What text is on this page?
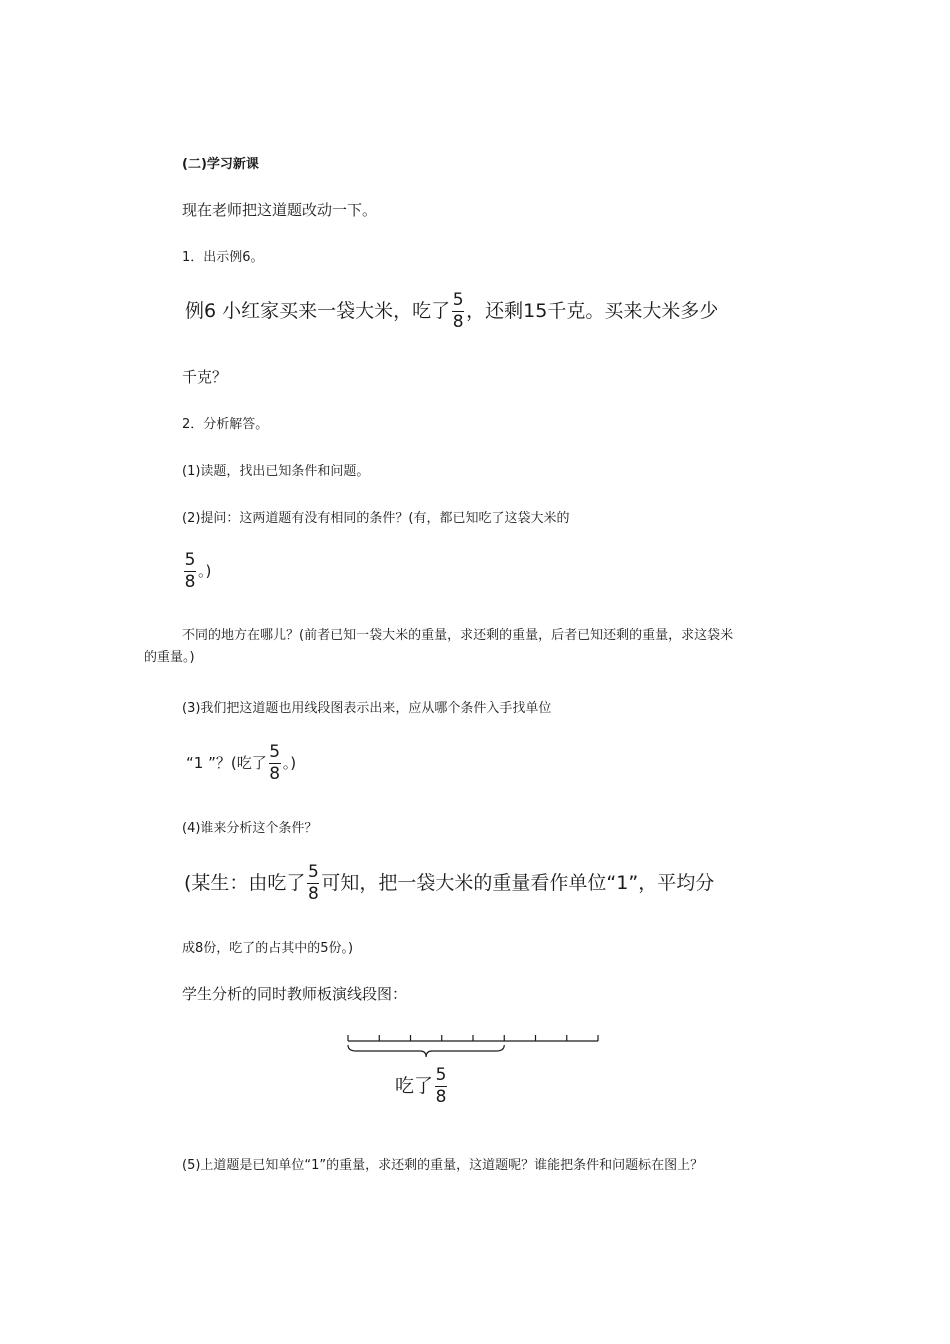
(二)学习新课
现在老师把这道题改动一下。
1．出示例6。
例6 小红家买来一袋大米，吃了 $\frac{5}{8}$ ，还剩15千克。买来大米多少
千克？
2．分析解答。
(1)读题，找出已知条件和问题。
(2)提问：这两道题有没有相同的条件？(有，都已知吃了这袋大米的
$\frac{5}{8}$ 。)
不同的地方在哪儿？(前者已知一袋大米的重量，求还剩的重量，后者已知还剩的重量，求这袋米
的重量。)
(3)我们把这道题也用线段图表示出来，应从哪个条件入手找单位
“1 ”？(吃了 $\frac{5}{8}$ 。)
(4)谁来分析这个条件？
(某生：由吃了 $\frac{5}{8}$ 可知，把一袋大米的重量看作单位“1”，平均分
成8份，吃了的占其中的5份。)
学生分析的同时教师板演线段图：
吃了 $\frac{5}{8}$
(5)上道题是已知单位“1”的重量，求还剩的重量，这道题呢？谁能把条件和问题标在图上？
